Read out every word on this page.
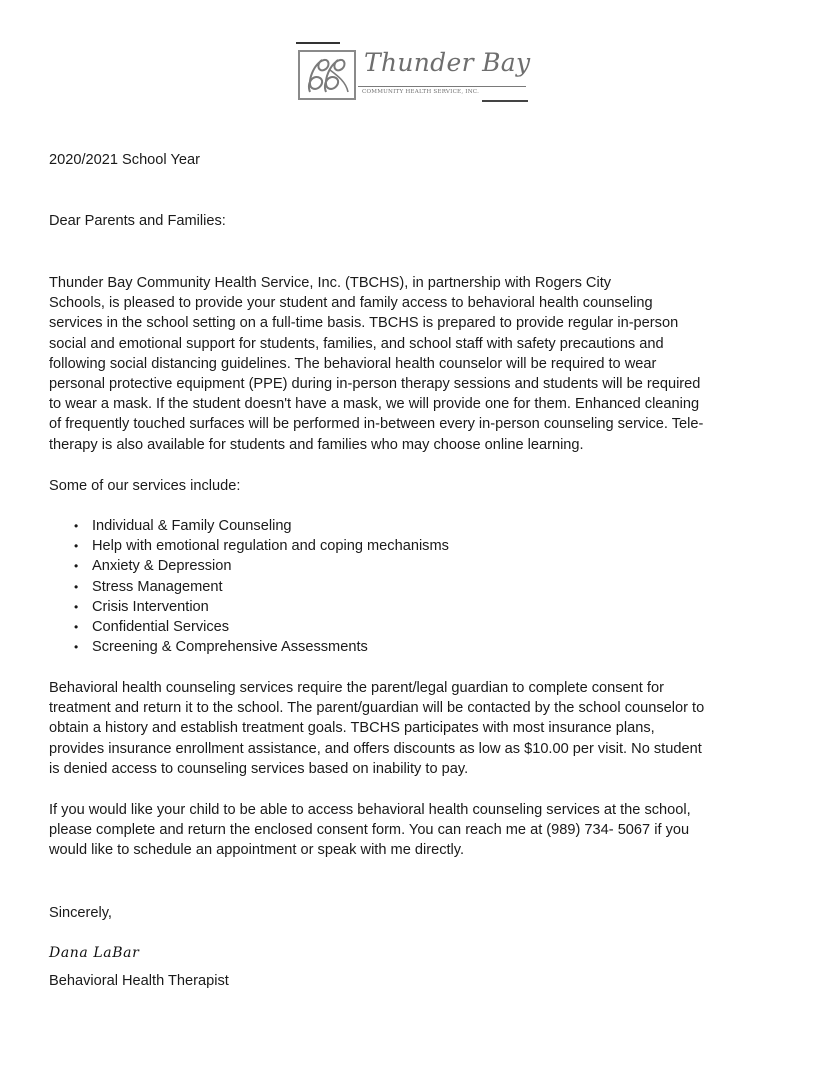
Thunder Bay
COMMUNITY HEALTH SERVICE, INC.
2020/2021 School Year
Dear Parents and Families:
Thunder Bay Community Health Service, Inc. (TBCHS), in partnership with Rogers City
Schools, is pleased to provide your student and family access to behavioral health counseling
services in the school setting on a full-time basis. TBCHS is prepared to provide regular in-person
social and emotional support for students, families, and school staff with safety precautions and
following social distancing guidelines. The behavioral health counselor will be required to wear
personal protective equipment (PPE) during in-person therapy sessions and students will be required
to wear a mask. If the student doesn't have a mask, we will provide one for them. Enhanced cleaning
of frequently touched surfaces will be performed in-between every in-person counseling service. Tele-
therapy is also available for students and families who may choose online learning.
Some of our services include:
• Individual & Family Counseling
• Help with emotional regulation and coping mechanisms
• Anxiety & Depression
• Stress Management
• Crisis Intervention
• Confidential Services
• Screening & Comprehensive Assessments
Behavioral health counseling services require the parent/legal guardian to complete consent for
treatment and return it to the school. The parent/guardian will be contacted by the school counselor to
obtain a history and establish treatment goals. TBCHS participates with most insurance plans,
provides insurance enrollment assistance, and offers discounts as low as $10.00 per visit. No student
is denied access to counseling services based on inability to pay.
If you would like your child to be able to access behavioral health counseling services at the school,
please complete and return the enclosed consent form. You can reach me at (989) 734- 5067 if you
would like to schedule an appointment or speak with me directly.
Sincerely,
Dana LaBar
Behavioral Health Therapist
